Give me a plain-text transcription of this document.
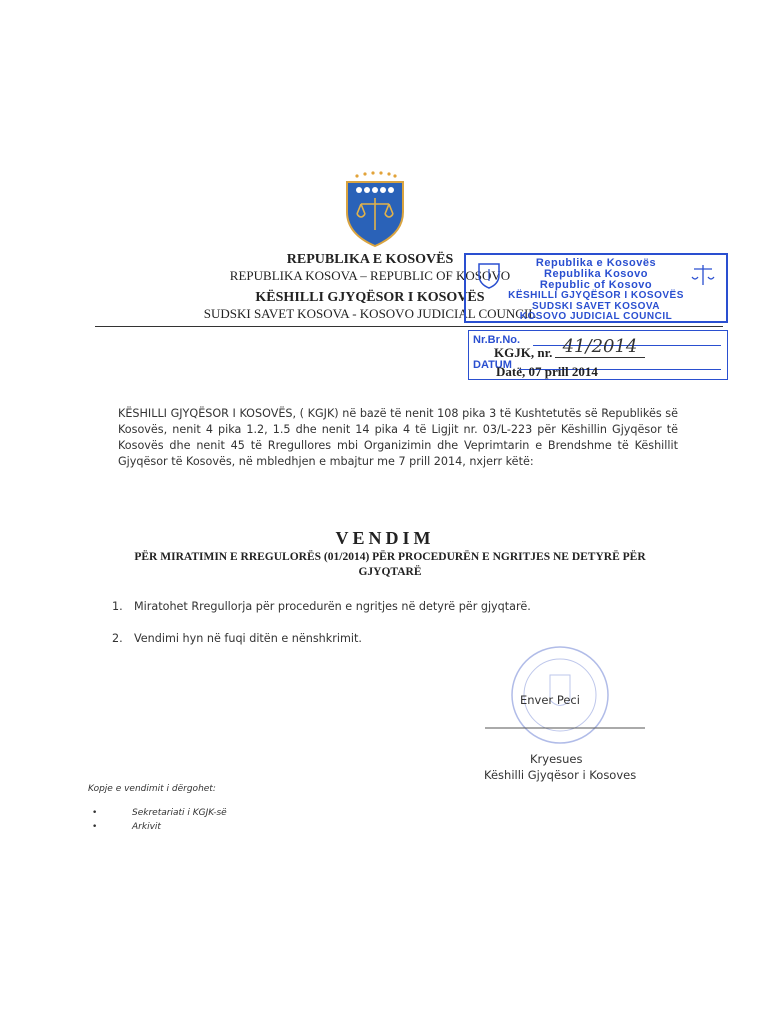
REPUBLIKA E KOSOVËS
REPUBLIKA KOSOVA – REPUBLIC OF KOSOVO
KËSHILLI GJYQËSOR I KOSOVËS
SUDSKI SAVET KOSOVA - KOSOVO JUDICIAL COUNCIL
Republika e Kosovës
Republika Kosovo
Republic of Kosovo
KËSHILLI GJYQËSOR I KOSOVËS
SUDSKI SAVET KOSOVA
KOSOVO JUDICIAL COUNCIL
Nr.Br.No.
DATUM
KGJK, nr. 41/2014
Datë, 07 prill 2014
KËSHILLI GJYQËSOR I KOSOVËS, ( KGJK) në bazë të nenit 108 pika 3 të Kushtetutës së Republikës së Kosovës, nenit 4 pika 1.2, 1.5 dhe nenit 14 pika 4 të Ligjit nr. 03/L-223 për Këshillin Gjyqësor të Kosovës dhe nenit 45 të Rregullores mbi Organizimin dhe Veprimtarin e Brendshme të Këshillit Gjyqësor të Kosovës, në mbledhjen e mbajtur me 7 prill 2014, nxjerr këtë:
VENDIM
PËR MIRATIMIN E RREGULORËS (01/2014) PËR PROCEDURËN E NGRITJES NE DETYRË PËR GJYQTARË
1. Miratohet Rregullorja për procedurën e ngritjes në detyrë për gjyqtarë.
2. Vendimi hyn në fuqi ditën e nënshkrimit.
Enver Peci
Kryesues
Këshilli Gjyqësor i Kosoves
Kopje e vendimit i dërgohet:
•	Sekretariati i KGJK-së
•	Arkivit
